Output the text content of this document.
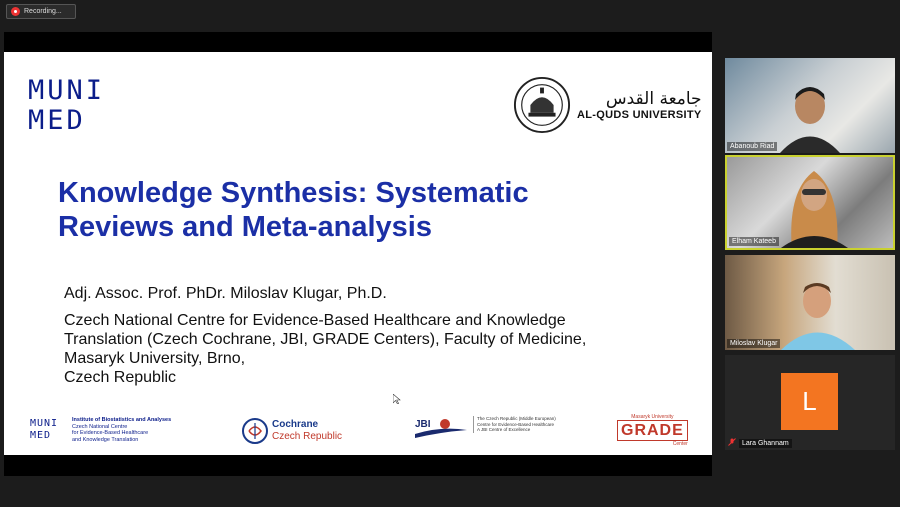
Recording...
MUNI
MED
جامعة القدس
AL-QUDS UNIVERSITY
Knowledge Synthesis: Systematic
Reviews and Meta-analysis
Adj. Assoc. Prof. PhDr. Miloslav Klugar, Ph.D.
Czech National Centre for Evidence-Based Healthcare and Knowledge
Translation (Czech Cochrane, JBI, GRADE Centers), Faculty of Medicine,
Masaryk University, Brno,
Czech Republic
MUNI
MED
Institute of Biostatistics and Analyses
Czech National Centre
for Evidence-Based Healthcare
and Knowledge Translation
Cochrane
Czech Republic
JBI
The Czech Republic (Middle European)
Centre for Evidence-Based Healthcare
A JBI Centre of Excellence
Masaryk University
GRADE
Center
Abanoub Riad
Elham Kateeb
Miloslav Klugar
L
Lara Ghannam
